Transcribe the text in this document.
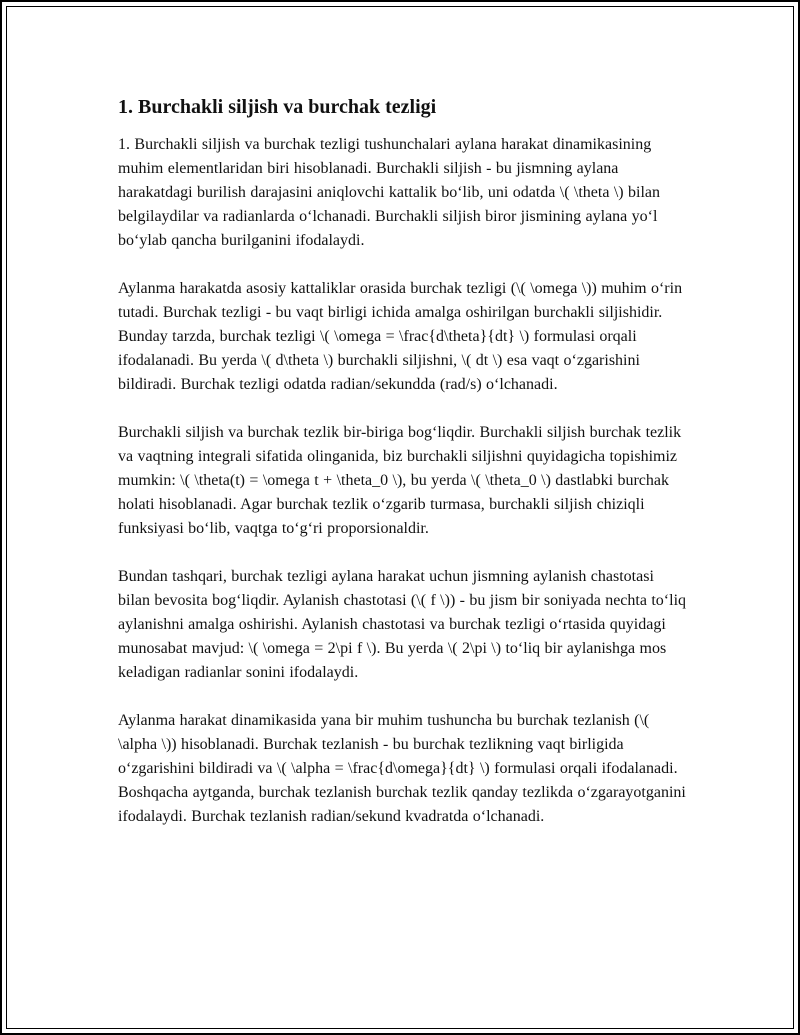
1. Burchakli siljish va burchak tezligi

1. Burchakli siljish va burchak tezligi tushunchalari aylana harakat dinamikasining muhim elementlaridan biri hisoblanadi. Burchakli siljish - bu jismning aylana harakatdagi burilish darajasini aniqlovchi kattalik bo‘lib, uni odatda \( \theta \) bilan belgilaydilar va radianlarda o‘lchanadi. Burchakli siljish biror jismining aylana yo‘l bo‘ylab qancha burilganini ifodalaydi.

Aylanma harakatda asosiy kattaliklar orasida burchak tezligi (\( \omega \)) muhim o‘rin tutadi. Burchak tezligi - bu vaqt birligi ichida amalga oshirilgan burchakli siljishidir. Bunday tarzda, burchak tezligi \( \omega = \frac{d\theta}{dt} \) formulasi orqali ifodalanadi. Bu yerda \( d\theta \) burchakli siljishni, \( dt \) esa vaqt o‘zgarishini bildiradi. Burchak tezligi odatda radian/sekundda (rad/s) o‘lchanadi.

Burchakli siljish va burchak tezlik bir-biriga bog‘liqdir. Burchakli siljish burchak tezlik va vaqtning integrali sifatida olinganida, biz burchakli siljishni quyidagicha topishimiz mumkin: \( \theta(t) = \omega t + \theta_0 \), bu yerda \( \theta_0 \) dastlabki burchak holati hisoblanadi. Agar burchak tezlik o‘zgarib turmasa, burchakli siljish chiziqli funksiyasi bo‘lib, vaqtga to‘g‘ri proporsionaldir.

Bundan tashqari, burchak tezligi aylana harakat uchun jismning aylanish chastotasi bilan bevosita bog‘liqdir. Aylanish chastotasi (\( f \)) - bu jism bir soniyada nechta to‘liq aylanishni amalga oshirishi. Aylanish chastotasi va burchak tezligi o‘rtasida quyidagi munosabat mavjud: \( \omega = 2\pi f \). Bu yerda \( 2\pi \) to‘liq bir aylanishga mos keladigan radianlar sonini ifodalaydi.

Aylanma harakat dinamikasida yana bir muhim tushuncha bu burchak tezlanish (\( \alpha \)) hisoblanadi. Burchak tezlanish - bu burchak tezlikning vaqt birligida o‘zgarishini bildiradi va \( \alpha = \frac{d\omega}{dt} \) formulasi orqali ifodalanadi. Boshqacha aytganda, burchak tezlanish burchak tezlik qanday tezlikda o‘zgarayotganini ifodalaydi. Burchak tezlanish radian/sekund kvadratda o‘lchanadi.
